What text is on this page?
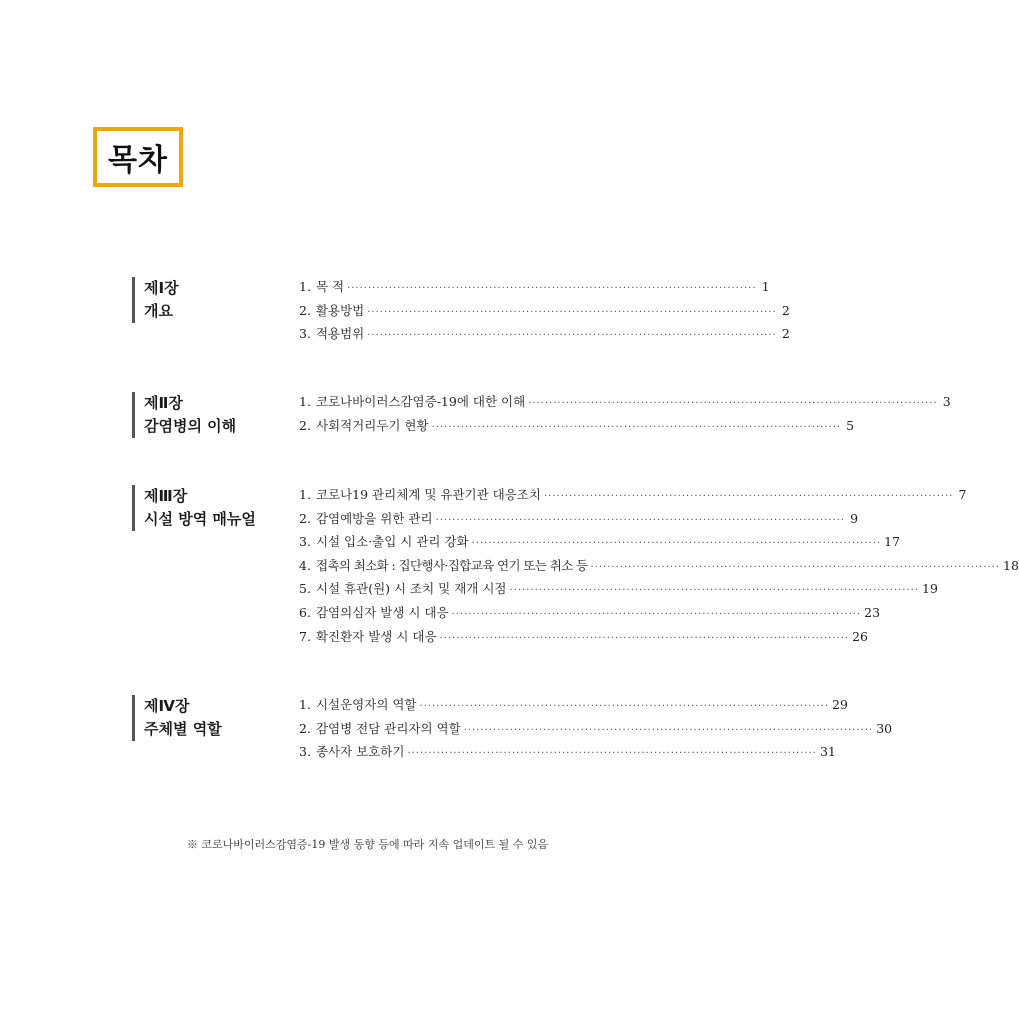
목차
제Ⅰ장
개요
1. 목 적 ·································································································· 1
2. 활용방법 ·································································································· 2
3. 적용범위 ·································································································· 2
제Ⅱ장
감염병의 이해
1. 코로나바이러스감염증-19에 대한 이해 ·································································································· 3
2. 사회적거리두기 현황 ·································································································· 5
제Ⅲ장
시설 방역 매뉴얼
1. 코로나19 관리체계 및 유관기관 대응조치 ·································································································· 7
2. 감염예방을 위한 관리 ·································································································· 9
3. 시설 입소·출입 시 관리 강화 ·································································································· 17
4. 접촉의 최소화 : 집단행사·집합교육 연기 또는 취소 등 ·································································································· 18
5. 시설 휴관(원) 시 조치 및 재개 시점 ·································································································· 19
6. 감염의심자 발생 시 대응 ·································································································· 23
7. 확진환자 발생 시 대응 ·································································································· 26
제Ⅳ장
주체별 역할
1. 시설운영자의 역할 ·································································································· 29
2. 감염병 전담 관리자의 역할 ·································································································· 30
3. 종사자 보호하기 ·································································································· 31
※ 코로나바이러스감염증-19 발생 동향 등에 따라 지속 업데이트 될 수 있음
